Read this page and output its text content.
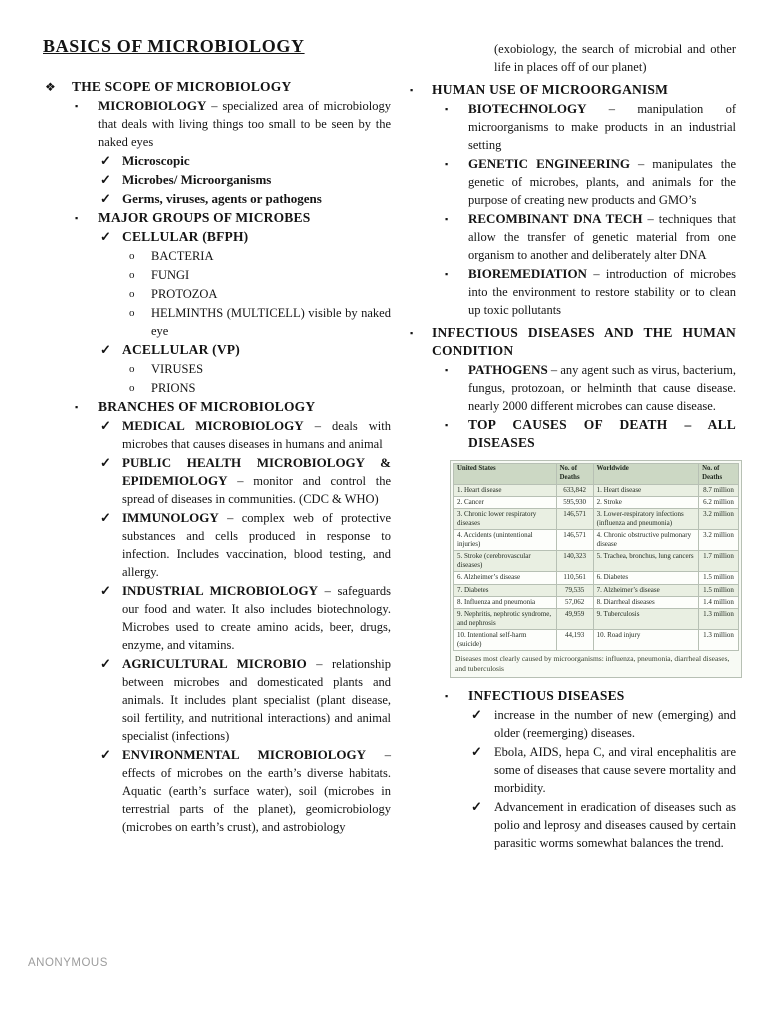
BASICS OF MICROBIOLOGY
❖ THE SCOPE OF MICROBIOLOGY
▪ MICROBIOLOGY – specialized area of microbiology that deals with living things too small to be seen by the naked eyes
✓ Microscopic
✓ Microbes/ Microorganisms
✓ Germs, viruses, agents or pathogens
▪ MAJOR GROUPS OF MICROBES
✓ CELLULAR (BFPH)
o BACTERIA
o FUNGI
o PROTOZOA
o HELMINTHS (MULTICELL) visible by naked eye
✓ ACELLULAR (VP)
o VIRUSES
o PRIONS
▪ BRANCHES OF MICROBIOLOGY
✓ MEDICAL MICROBIOLOGY – deals with microbes that causes diseases in humans and animal
✓ PUBLIC HEALTH MICROBIOLOGY & EPIDEMIOLOGY – monitor and control the spread of diseases in communities. (CDC & WHO)
✓ IMMUNOLOGY – complex web of protective substances and cells produced in response to infection. Includes vaccination, blood testing, and allergy.
✓ INDUSTRIAL MICROBIOLOGY – safeguards our food and water. It also includes biotechnology. Microbes used to create amino acids, beer, drugs, enzyme, and vitamins.
✓ AGRICULTURAL MICROBIO – relationship between microbes and domesticated plants and animals. It includes plant specialist (plant disease, soil fertility, and nutritional interactions) and animal specialist (infections)
✓ ENVIRONMENTAL MICROBIOLOGY – effects of microbes on the earth’s diverse habitats. Aquatic (earth’s surface water), soil (microbes in terrestrial parts of the planet), geomicrobiology (microbes on earth’s crust), and astrobiology
(exobiology, the search of microbial and other life in places off of our planet)
▪ HUMAN USE OF MICROORGANISM
▪ BIOTECHNOLOGY – manipulation of microorganisms to make products in an industrial setting
▪ GENETIC ENGINEERING – manipulates the genetic of microbes, plants, and animals for the purpose of creating new products and GMO’s
▪ RECOMBINANT DNA TECH – techniques that allow the transfer of genetic material from one organism to another and deliberately alter DNA
▪ BIOREMEDIATION – introduction of microbes into the environment to restore stability or to clean up toxic pollutants
▪ INFECTIOUS DISEASES AND THE HUMAN CONDITION
▪ PATHOGENS – any agent such as virus, bacterium, fungus, protozoan, or helminth that cause disease. nearly 2000 different microbes can cause disease.
▪ TOP CAUSES OF DEATH – ALL DISEASES
United States	No. of Deaths	Worldwide	No. of Deaths
1. Heart disease	633,842	1. Heart disease	8.7 million
2. Cancer	595,930	2. Stroke	6.2 million
3. Chronic lower respiratory diseases	146,571	3. Lower-respiratory infections (influenza and pneumonia)	3.2 million
4. Accidents (unintentional injuries)	146,571	4. Chronic obstructive pulmonary disease	3.2 million
5. Stroke (cerebrovascular diseases)	140,323	5. Trachea, bronchus, lung cancers	1.7 million
6. Alzheimer’s disease	110,561	6. Diabetes	1.5 million
7. Diabetes	79,535	7. Alzheimer’s disease	1.5 million
8. Influenza and pneumonia	57,062	8. Diarrheal diseases	1.4 million
9. Nephritis, nephrotic syndrome, and nephrosis	49,959	9. Tuberculosis	1.3 million
10. Intentional self-harm (suicide)	44,193	10. Road injury	1.3 million
Diseases most clearly caused by microorganisms: influenza, pneumonia, diarrheal diseases, and tuberculosis
▪ INFECTIOUS DISEASES
✓ increase in the number of new (emerging) and older (reemerging) diseases.
✓ Ebola, AIDS, hepa C, and viral encephalitis are some of diseases that cause severe mortality and morbidity.
✓ Advancement in eradication of diseases such as polio and leprosy and diseases caused by certain parasitic worms somewhat balances the trend.
ANONYMOUS
